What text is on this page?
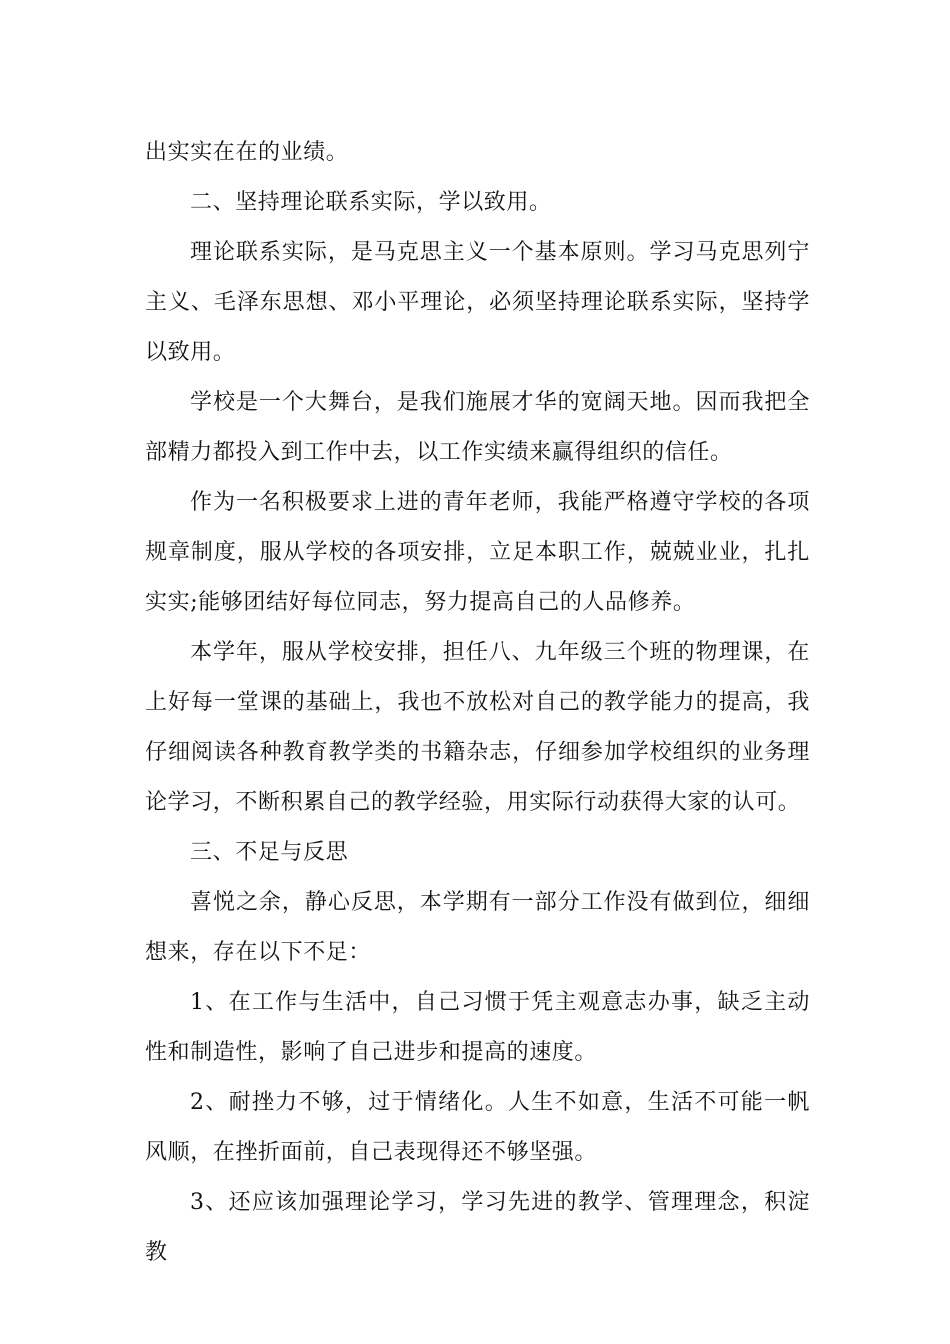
出实实在在的业绩。

二、坚持理论联系实际，学以致用。

理论联系实际，是马克思主义一个基本原则。学习马克思列宁主义、毛泽东思想、邓小平理论，必须坚持理论联系实际，坚持学以致用。

学校是一个大舞台，是我们施展才华的宽阔天地。因而我把全部精力都投入到工作中去，以工作实绩来赢得组织的信任。

作为一名积极要求上进的青年老师，我能严格遵守学校的各项规章制度，服从学校的各项安排，立足本职工作，兢兢业业，扎扎实实;能够团结好每位同志，努力提高自己的人品修养。

本学年，服从学校安排，担任八、九年级三个班的物理课，在上好每一堂课的基础上，我也不放松对自己的教学能力的提高，我仔细阅读各种教育教学类的书籍杂志，仔细参加学校组织的业务理论学习，不断积累自己的教学经验，用实际行动获得大家的认可。

三、不足与反思

喜悦之余，静心反思，本学期有一部分工作没有做到位，细细想来，存在以下不足：

1、在工作与生活中，自己习惯于凭主观意志办事，缺乏主动性和制造性，影响了自己进步和提高的速度。

2、耐挫力不够，过于情绪化。人生不如意，生活不可能一帆风顺，在挫折面前，自己表现得还不够坚强。

3、还应该加强理论学习，学习先进的教学、管理理念，积淀教
